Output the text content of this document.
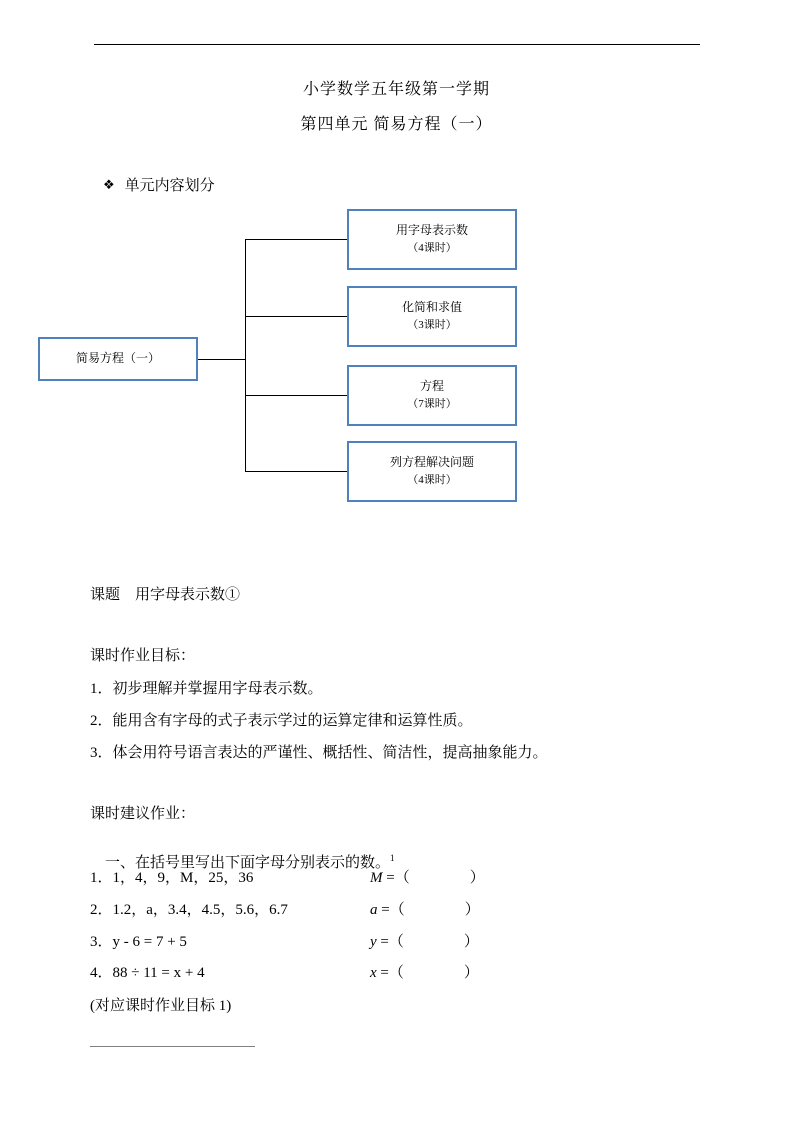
小学数学五年级第一学期
第四单元 简易方程（一）
❖ 单元内容划分
简易方程（一）
用字母表示数
（4课时）
化简和求值
（3课时）
方程
（7课时）
列方程解决问题
（4课时）
课题　用字母表示数①
课时作业目标：
1．初步理解并掌握用字母表示数。
2．能用含有字母的式子表示学过的运算定律和运算性质。
3．体会用符号语言表达的严谨性、概括性、简洁性，提高抽象能力。
课时建议作业：

一、在括号里写出下面字母分别表示的数。$^1$

1．1，4，9，M，25，36	M =（　　　　）
2．1.2，a，3.4，4.5，5.6，6.7	a =（　　　　）
3．y - 6 = 7 + 5	y =（　　　　）
4．88 ÷ 11 = x + 4	x =（　　　　）
(对应课时作业目标 1)
